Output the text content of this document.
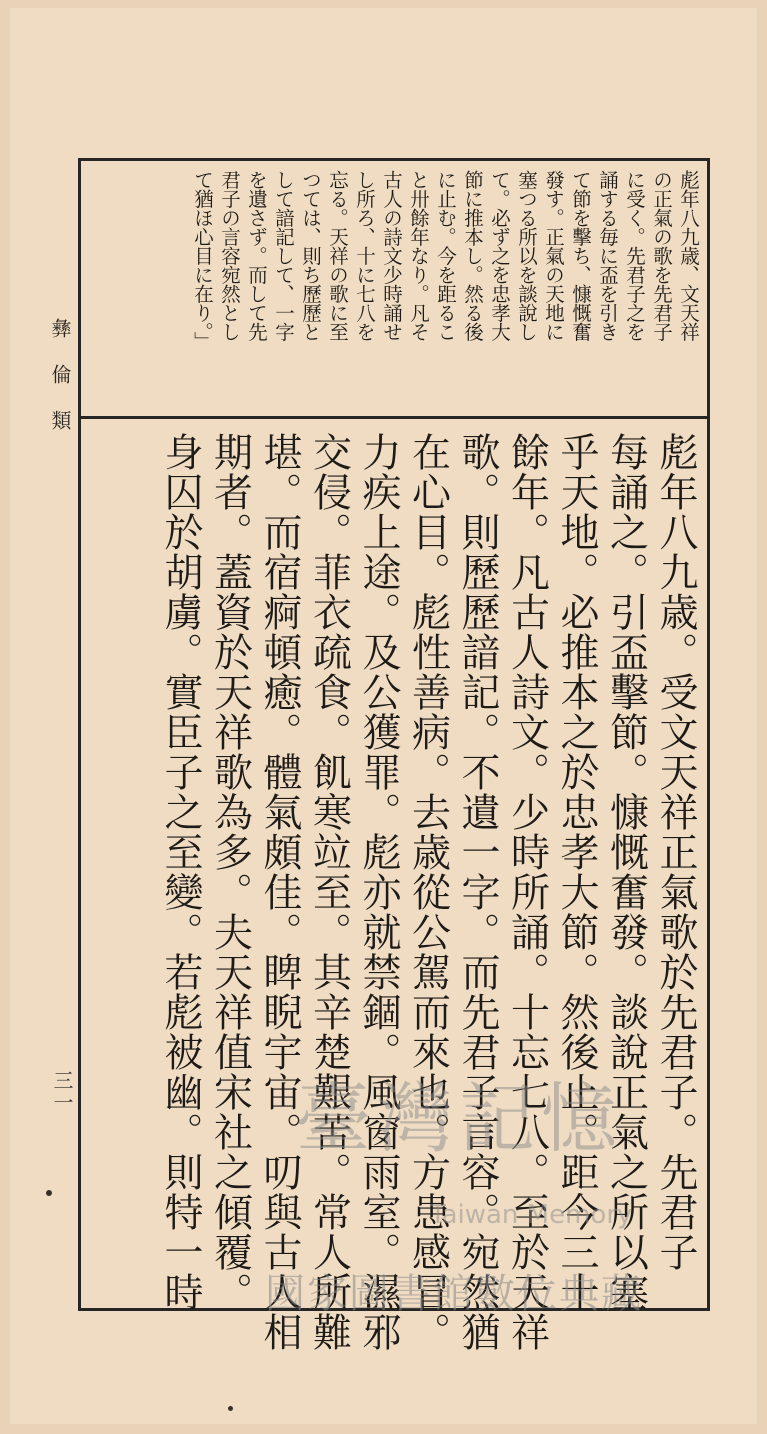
彝倫類

三一

彪年八九歳、文天祥
の正氣の歌を先君子
に受く。先君子之を
誦する毎に盃を引き
て節を擊ち、慷慨奮
發す。正氣の天地に
塞つる所以を談說し
て。必ず之を忠孝大
節に推本し。然る後
に止む。今を距るこ
と卅餘年なり。凡そ
古人の詩文少時誦せ
し所ろ、十に七八を
忘る。天祥の歌に至
つては、則ち歷歷と
して諳記して、一字
を遺さず。而して先
君子の言容宛然とし
て猶ほ心目に在り。」

彪年八九歳。受文天祥正氣歌於先君子。先君子
每誦之。引盃擊節。慷慨奮發。談說正氣之所以塞
乎天地。必推本之於忠孝大節。然後止。距今三十
餘年。凡古人詩文。少時所誦。十忘七八。至於天祥
歌。則歷歷諳記。不遺一字。而先君子言容。宛然猶
在心目。彪性善病。去歳從公駕而來也。方患感冒。
力疾上途。及公獲罪。彪亦就禁錮。風窗雨室。濕邪
交侵。菲衣疏食。飢寒竝至。其辛楚艱苦。常人所難
堪。而宿痾頓癒。體氣頗佳。睥睨宇宙。叨與古人相
期者。蓋資於天祥歌為多。夫天祥值宋社之傾覆。
身囚於胡虜。實臣子之至變。若彪被幽。則特一時	臺灣記憶

Taiwan Memory

國家圖書館數位典藏
